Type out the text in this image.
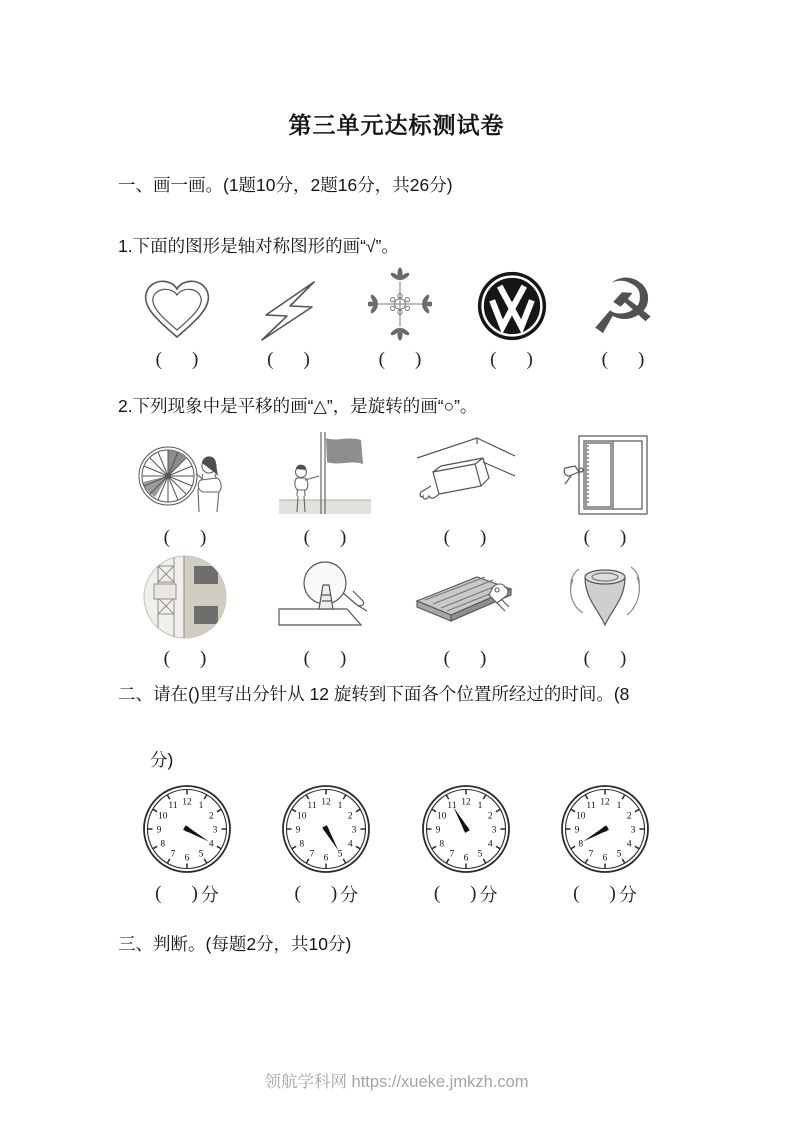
第三单元达标测试卷
一、画一画。(1题10分，2题16分，共26分)
1.下面的图形是轴对称图形的画“√”。
( )	( )	( )	( )
☭
( )
2.下列现象中是平移的画“△”，是旋转的画“○”。
( )	( )	( )	( )
( )	( )	( )	( )
二、请在()里写出分针从 12 旋转到下面各个位置所经过的时间。(8
分)
1
2
3
4
5
6
7
8
9
10
11 12
( ) 分
1
2
3
4
5
6
7
8
9
10
11 12
( ) 分
1
2
3
4
5
6
7
8
9
10
11 12
( ) 分
1
2
3
4
5
6
7
8
9
10
11 12
( ) 分
三、判断。(每题2分，共10分)
领航学科网 https://xueke.jmkzh.com
